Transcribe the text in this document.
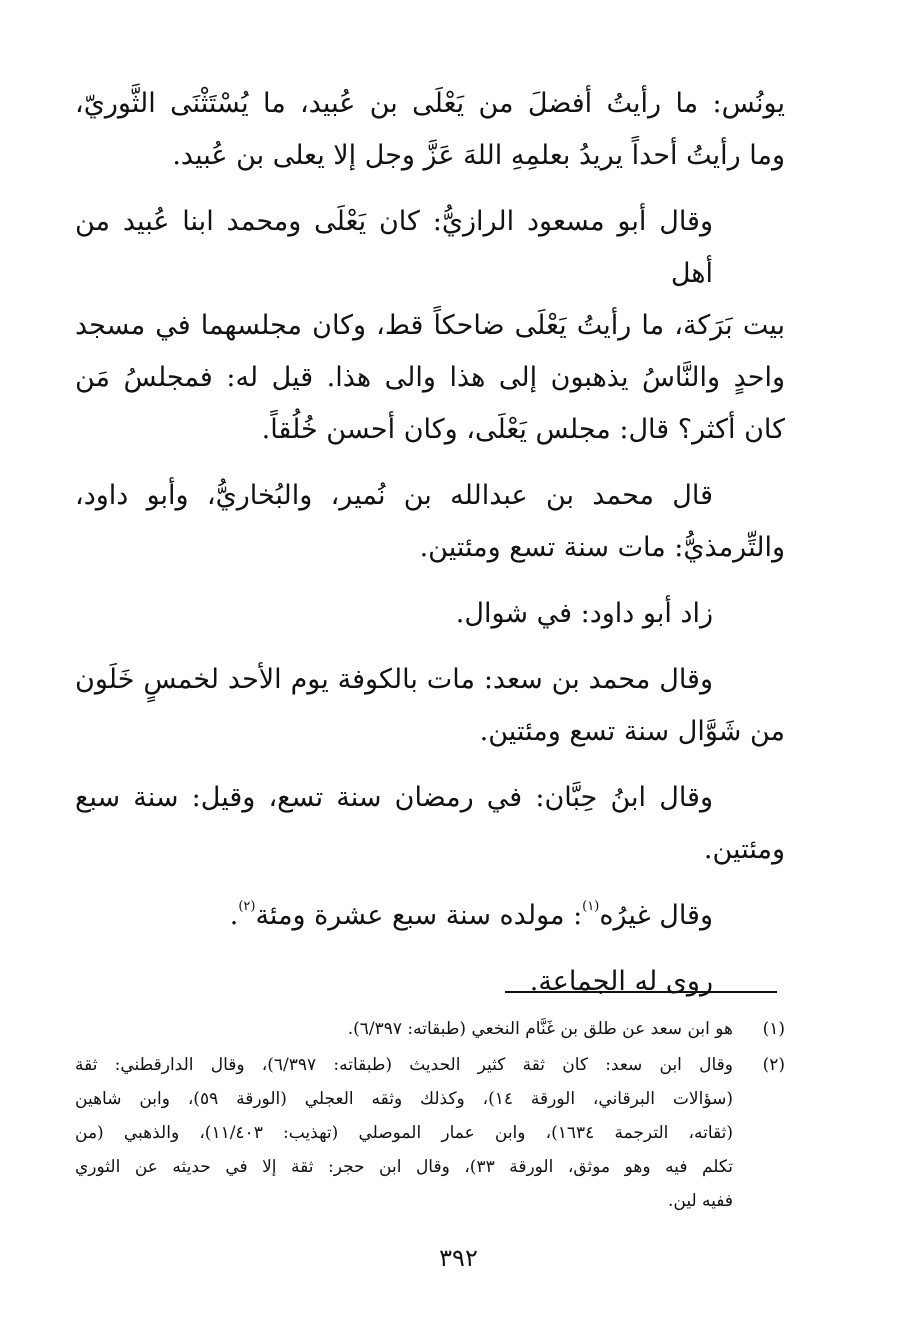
يونُس: ما رأيتُ أفضلَ من يَعْلَى بن عُبيد، ما يُسْتَثْنَى الثَّوريّ،
وما رأيتُ أحداً يريدُ بعلمِهِ اللهَ عَزَّ وجل إلا يعلى بن عُبيد.

وقال أبو مسعود الرازيُّ: كان يَعْلَى ومحمد ابنا عُبيد من أهل
بيت بَرَكة، ما رأيتُ يَعْلَى ضاحكاً قط، وكان مجلسهما في مسجد
واحدٍ والنَّاسُ يذهبون إلى هذا والى هذا. قيل له: فمجلسُ مَن
كان أكثر؟ قال: مجلس يَعْلَى، وكان أحسن خُلُقاً.

قال محمد بن عبدالله بن نُمير، والبُخاريُّ، وأبو داود،
والتِّرمذيُّ: مات سنة تسع ومئتين.

زاد أبو داود: في شوال.

وقال محمد بن سعد: مات بالكوفة يوم الأحد لخمسٍ خَلَون
من شَوَّال سنة تسع ومئتين.

وقال ابنُ حِبَّان: في رمضان سنة تسع، وقيل: سنة سبع
ومئتين.

وقال غيرُه$^{(١)}$: مولده سنة سبع عشرة ومئة$^{(٢)}$.

روى له الجماعة.

(١)
هو ابن سعد عن طلق بن غَنَّام النخعي (طبقاته: ٦/٣٩٧).
(٢)
وقال ابن سعد: كان ثقة كثير الحديث (طبقاته: ٦/٣٩٧)، وقال الدارقطني: ثقة
(سؤالات البرقاني، الورقة ١٤)، وكذلك وثقه العجلي (الورقة ٥٩)، وابن شاهين
(ثقاته، الترجمة ١٦٣٤)، وابن عمار الموصلي (تهذيب: ١١/٤٠٣)، والذهبي (من
تكلم فيه وهو موثق، الورقة ٣٣)، وقال ابن حجر: ثقة إلا في حديثه عن الثوري
ففيه لين.
٣٩٢
